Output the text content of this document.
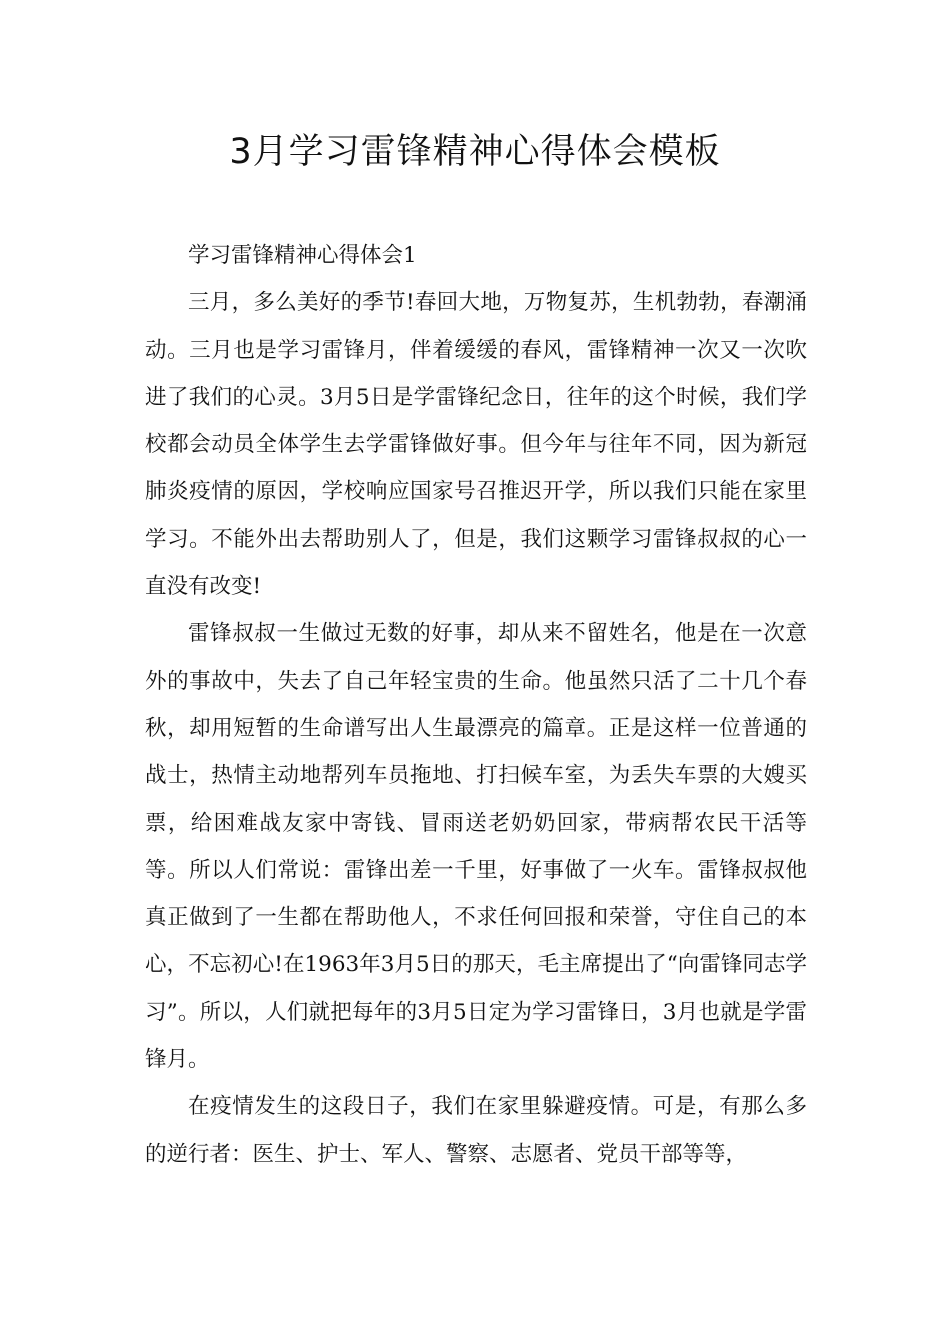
3月学习雷锋精神心得体会模板

学习雷锋精神心得体会1

三月，多么美好的季节!春回大地，万物复苏，生机勃勃，春潮涌动。三月也是学习雷锋月，伴着缓缓的春风，雷锋精神一次又一次吹进了我们的心灵。3月5日是学雷锋纪念日，往年的这个时候，我们学校都会动员全体学生去学雷锋做好事。但今年与往年不同，因为新冠肺炎疫情的原因，学校响应国家号召推迟开学，所以我们只能在家里学习。不能外出去帮助别人了，但是，我们这颗学习雷锋叔叔的心一直没有改变!

雷锋叔叔一生做过无数的好事，却从来不留姓名，他是在一次意外的事故中，失去了自己年轻宝贵的生命。他虽然只活了二十几个春秋，却用短暂的生命谱写出人生最漂亮的篇章。正是这样一位普通的战士，热情主动地帮列车员拖地、打扫候车室，为丢失车票的大嫂买票，给困难战友家中寄钱、冒雨送老奶奶回家，带病帮农民干活等等。所以人们常说：雷锋出差一千里，好事做了一火车。雷锋叔叔他真正做到了一生都在帮助他人，不求任何回报和荣誉，守住自己的本心，不忘初心!在1963年3月5日的那天，毛主席提出了“向雷锋同志学习”。所以，人们就把每年的3月5日定为学习雷锋日，3月也就是学雷锋月。

在疫情发生的这段日子，我们在家里躲避疫情。可是，有那么多的逆行者：医生、护士、军人、警察、志愿者、党员干部等等，
